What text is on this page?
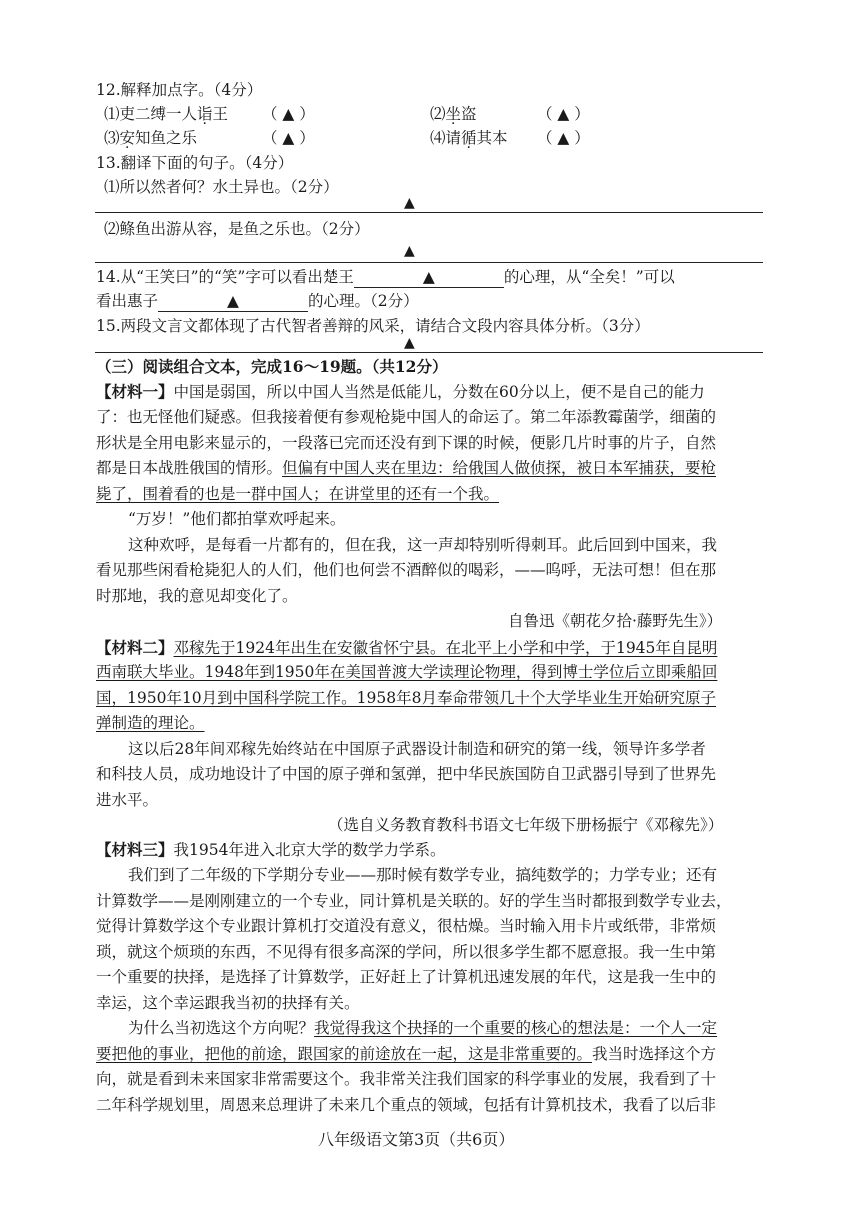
12.解释加点字。（4分）
⑴吏二缚一人诣王 （ ▲ ）	⑵坐盗	（ ▲ ）
⑶安知鱼之乐	（ ▲ ）	⑷请循其本 （ ▲ ）
13.翻译下面的句子。（4分）
⑴所以然者何？水土异也。（2分）
▲
⑵鲦鱼出游从容，是鱼之乐也。（2分）
▲
14.从“王笑曰”的“笑”字可以看出楚王	▲	的心理，从“全矣！”可以
看出惠子	▲	的心理。（2分）
15.两段文言文都体现了古代智者善辩的风采，请结合文段内容具体分析。（3分）
▲
（三）阅读组合文本，完成16～19题。（共12分）
【材料一】中国是弱国，所以中国人当然是低能儿，分数在60分以上，便不是自己的能力
了：也无怪他们疑惑。但我接着便有参观枪毙中国人的命运了。第二年添教霉菌学，细菌的
形状是全用电影来显示的，一段落已完而还没有到下课的时候，便影几片时事的片子，自然
都是日本战胜俄国的情形。但偏有中国人夹在里边：给俄国人做侦探，被日本军捕获，要枪
毙了，围着看的也是一群中国人；在讲堂里的还有一个我。
“万岁！”他们都拍掌欢呼起来。
这种欢呼，是每看一片都有的，但在我，这一声却特别听得刺耳。此后回到中国来，我
看见那些闲看枪毙犯人的人们，他们也何尝不酒醉似的喝彩，——呜呼，无法可想！但在那
时那地，我的意见却变化了。
自鲁迅《朝花夕拾·藤野先生》）
【材料二】邓稼先于1924年出生在安徽省怀宁县。在北平上小学和中学，于1945年自昆明
西南联大毕业。1948年到1950年在美国普渡大学读理论物理，得到博士学位后立即乘船回
国，1950年10月到中国科学院工作。1958年8月奉命带领几十个大学毕业生开始研究原子
弹制造的理论。
这以后28年间邓稼先始终站在中国原子武器设计制造和研究的第一线，领导许多学者
和科技人员，成功地设计了中国的原子弹和氢弹，把中华民族国防自卫武器引导到了世界先
进水平。
（选自义务教育教科书语文七年级下册杨振宁《邓稼先》）
【材料三】我1954年进入北京大学的数学力学系。
我们到了二年级的下学期分专业——那时候有数学专业，搞纯数学的；力学专业；还有
计算数学——是刚刚建立的一个专业，同计算机是关联的。好的学生当时都报到数学专业去，
觉得计算数学这个专业跟计算机打交道没有意义，很枯燥。当时输入用卡片或纸带，非常烦
琐，就这个烦琐的东西，不见得有很多高深的学问，所以很多学生都不愿意报。我一生中第
一个重要的抉择，是选择了计算数学，正好赶上了计算机迅速发展的年代，这是我一生中的
幸运，这个幸运跟我当初的抉择有关。
为什么当初选这个方向呢？我觉得我这个抉择的一个重要的核心的想法是：一个人一定
要把他的事业，把他的前途，跟国家的前途放在一起，这是非常重要的。我当时选择这个方
向，就是看到未来国家非常需要这个。我非常关注我们国家的科学事业的发展，我看到了十
二年科学规划里，周恩来总理讲了未来几个重点的领域，包括有计算机技术，我看了以后非
八年级语文第3页（共6页）
